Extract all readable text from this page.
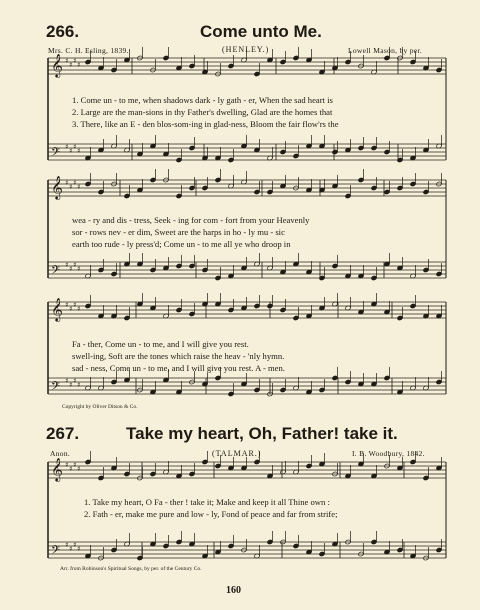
266.	Come unto Me.
Mrs. C. H. Esling, 1839.	(HENLEY.)	Lowell Mason, by per.
𝄞 ♯ ♯ ♯ ♯
𝄢 ♯ ♯ ♯ ♯
1. Come un - to me, when shadows dark - ly gath - er, When the sad heart is
2. Large are the man-sions in thy Father's dwelling, Glad are the homes that
3. There, like an E - den blos-som-ing in glad-ness, Bloom the fair flow'rs the
𝄞 ♯ ♯ ♯ ♯
𝄢 ♯ ♯ ♯ ♯
wea - ry and dis - tress, Seek - ing for com - fort from your Heavenly
sor - rows nev - er dim, Sweet are the harps in ho - ly mu - sic
earth too rude - ly press'd; Come un - to me all ye who droop in
𝄞 ♯ ♯ ♯ ♯
𝄢 ♯ ♯ ♯ ♯
Fa - ther, Come un - to me, and I will give you rest.
swell-ing, Soft are the tones which raise the heav - 'nly hymn.
sad - ness, Come un - to me, and I will give you rest. A - men.
Copyright by Oliver Ditson & Co.
267.	Take my heart, Oh, Father! take it.
Anon.	(TALMAR.)	I. B. Woodbury, 1842.
𝄞 ♯ ♯ ♯ ♯
𝄢 ♯ ♯ ♯ ♯
1. Take my heart, O Fa - ther ! take it; Make and keep it all Thine own :
2. Fath - er, make me pure and low - ly, Fond of peace and far from strife;
Arr. from Robinson's Spiritual Songs, by per. of the Century Co.
160
